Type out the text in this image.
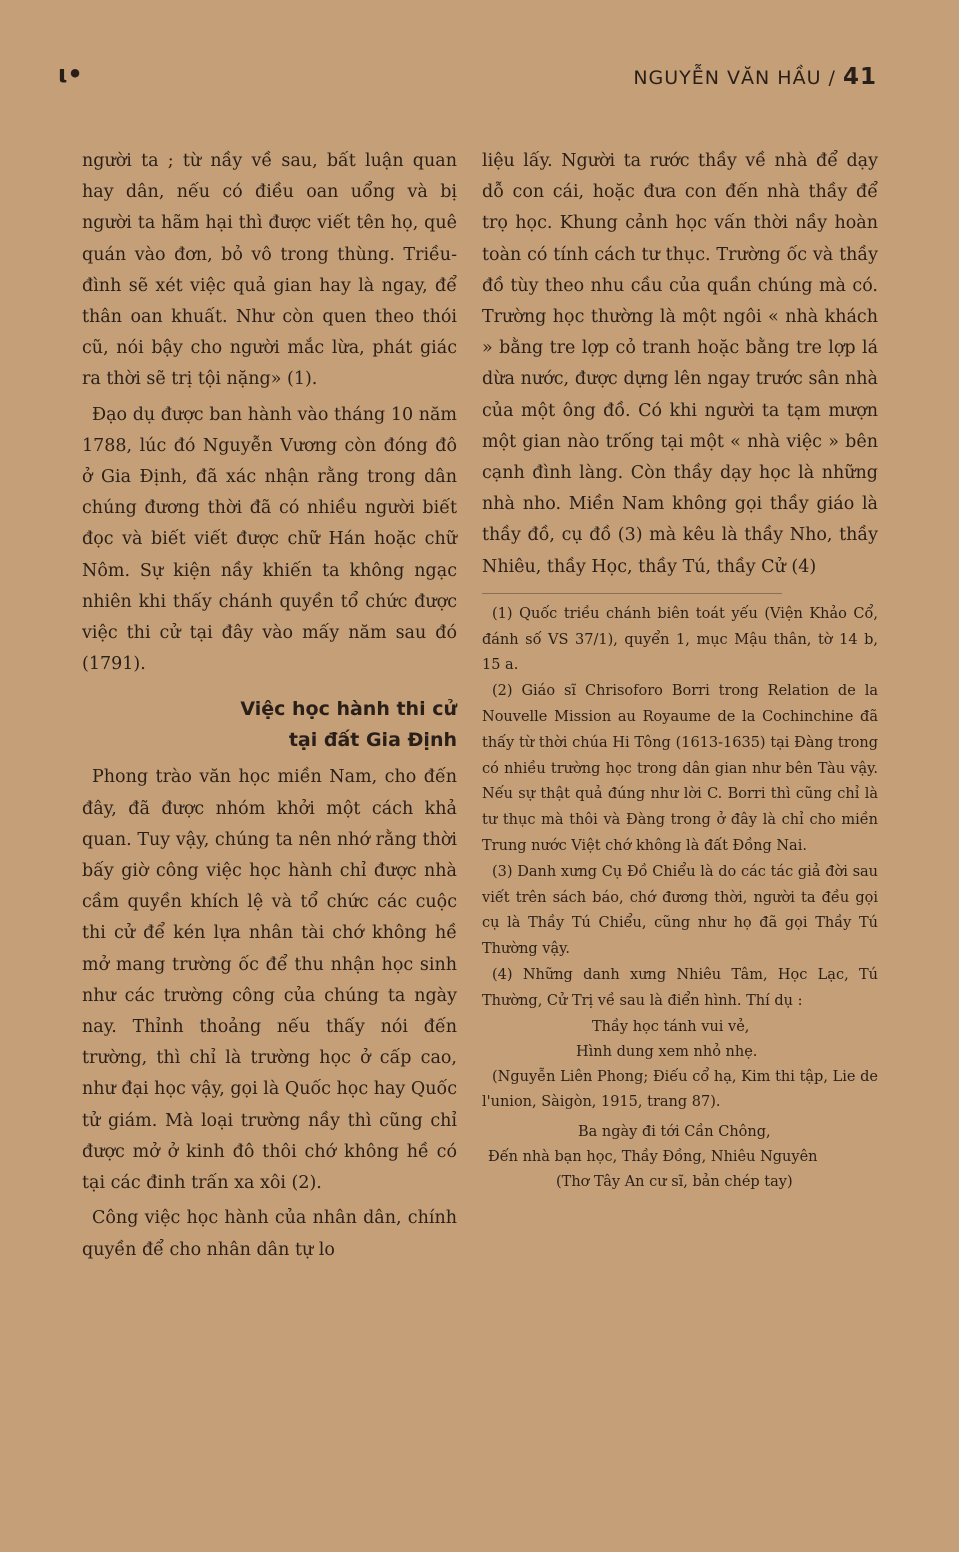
ι•	NGUYỄN VĂN HẦU / 41

người ta ; từ nầy về sau, bất luận quan hay dân, nếu có điều oan uổng và bị người ta hãm hại thì được viết tên họ, quê quán vào đơn, bỏ vô trong thùng. Triều-đình sẽ xét việc quả gian hay là ngay, để thân oan khuất. Như còn quen theo thói cũ, nói bậy cho người mắc lừa, phát giác ra thời sẽ trị tội nặng» (1).

Đạo dụ được ban hành vào tháng 10 năm 1788, lúc đó Nguyễn Vương còn đóng đô ở Gia Định, đã xác nhận rằng trong dân chúng đương thời đã có nhiều người biết đọc và biết viết được chữ Hán hoặc chữ Nôm. Sự kiện nầy khiến ta không ngạc nhiên khi thấy chánh quyền tổ chức được việc thi cử tại đây vào mấy năm sau đó (1791).

Việc học hành thi cử
tại đất Gia Định

Phong trào văn học miền Nam, cho đến đây, đã được nhóm khởi một cách khả quan. Tuy vậy, chúng ta nên nhớ rằng thời bấy giờ công việc học hành chỉ được nhà cầm quyền khích lệ và tổ chức các cuộc thi cử để kén lựa nhân tài chớ không hề mở mang trường ốc để thu nhận học sinh như các trường công của chúng ta ngày nay. Thỉnh thoảng nếu thấy nói đến trường, thì chỉ là trường học ở cấp cao, như đại học vậy, gọi là Quốc học hay Quốc tử giám. Mà loại trường nầy thì cũng chỉ được mở ở kinh đô thôi chớ không hề có tại các đinh trấn xa xôi (2).

Công việc học hành của nhân dân, chính quyền để cho nhân dân tự lo

liệu lấy. Người ta rước thầy về nhà để dạy dỗ con cái, hoặc đưa con đến nhà thầy để trọ học. Khung cảnh học vấn thời nầy hoàn toàn có tính cách tư thục. Trường ốc và thầy đồ tùy theo nhu cầu của quần chúng mà có. Trường học thường là một ngôi « nhà khách » bằng tre lợp cỏ tranh hoặc bằng tre lợp lá dừa nước, được dựng lên ngay trước sân nhà của một ông đồ. Có khi người ta tạm mượn một gian nào trống tại một « nhà việc » bên cạnh đình làng. Còn thầy dạy học là những nhà nho. Miền Nam không gọi thầy giáo là thầy đồ, cụ đồ (3) mà kêu là thầy Nho, thầy Nhiêu, thầy Học, thầy Tú, thầy Cử (4)

(1) Quốc triều chánh biên toát yếu (Viện Khảo Cổ, đánh số VS 37/1), quyển 1, mục Mậu thân, tờ 14 b, 15 a.

(2) Giáo sĩ Chrisoforo Borri trong Relation de la Nouvelle Mission au Royaume de la Cochinchine đã thấy từ thời chúa Hi Tông (1613-1635) tại Đàng trong có nhiều trường học trong dân gian như bên Tàu vậy. Nếu sự thật quả đúng như lời C. Borri thì cũng chỉ là tư thục mà thôi và Đàng trong ở đây là chỉ cho miền Trung nước Việt chớ không là đất Đồng Nai.

(3) Danh xưng Cụ Đồ Chiểu là do các tác giả đời sau viết trên sách báo, chớ đương thời, người ta đều gọi cụ là Thầy Tú Chiểu, cũng như họ đã gọi Thầy Tú Thường vậy.

(4) Những danh xưng Nhiêu Tâm, Học Lạc, Tú Thường, Cử Trị về sau là điển hình. Thí dụ :

Thầy học tánh vui vẻ,
Hình dung xem nhỏ nhẹ.

(Nguyễn Liên Phong; Điếu cổ hạ, Kim thi tập, Lie de l'union, Sàigòn, 1915, trang 87).

Ba ngày đi tới Cần Chông,
Đến nhà bạn học, Thầy Đồng, Nhiêu Nguyên
(Thơ Tây An cư sĩ, bản chép tay)
